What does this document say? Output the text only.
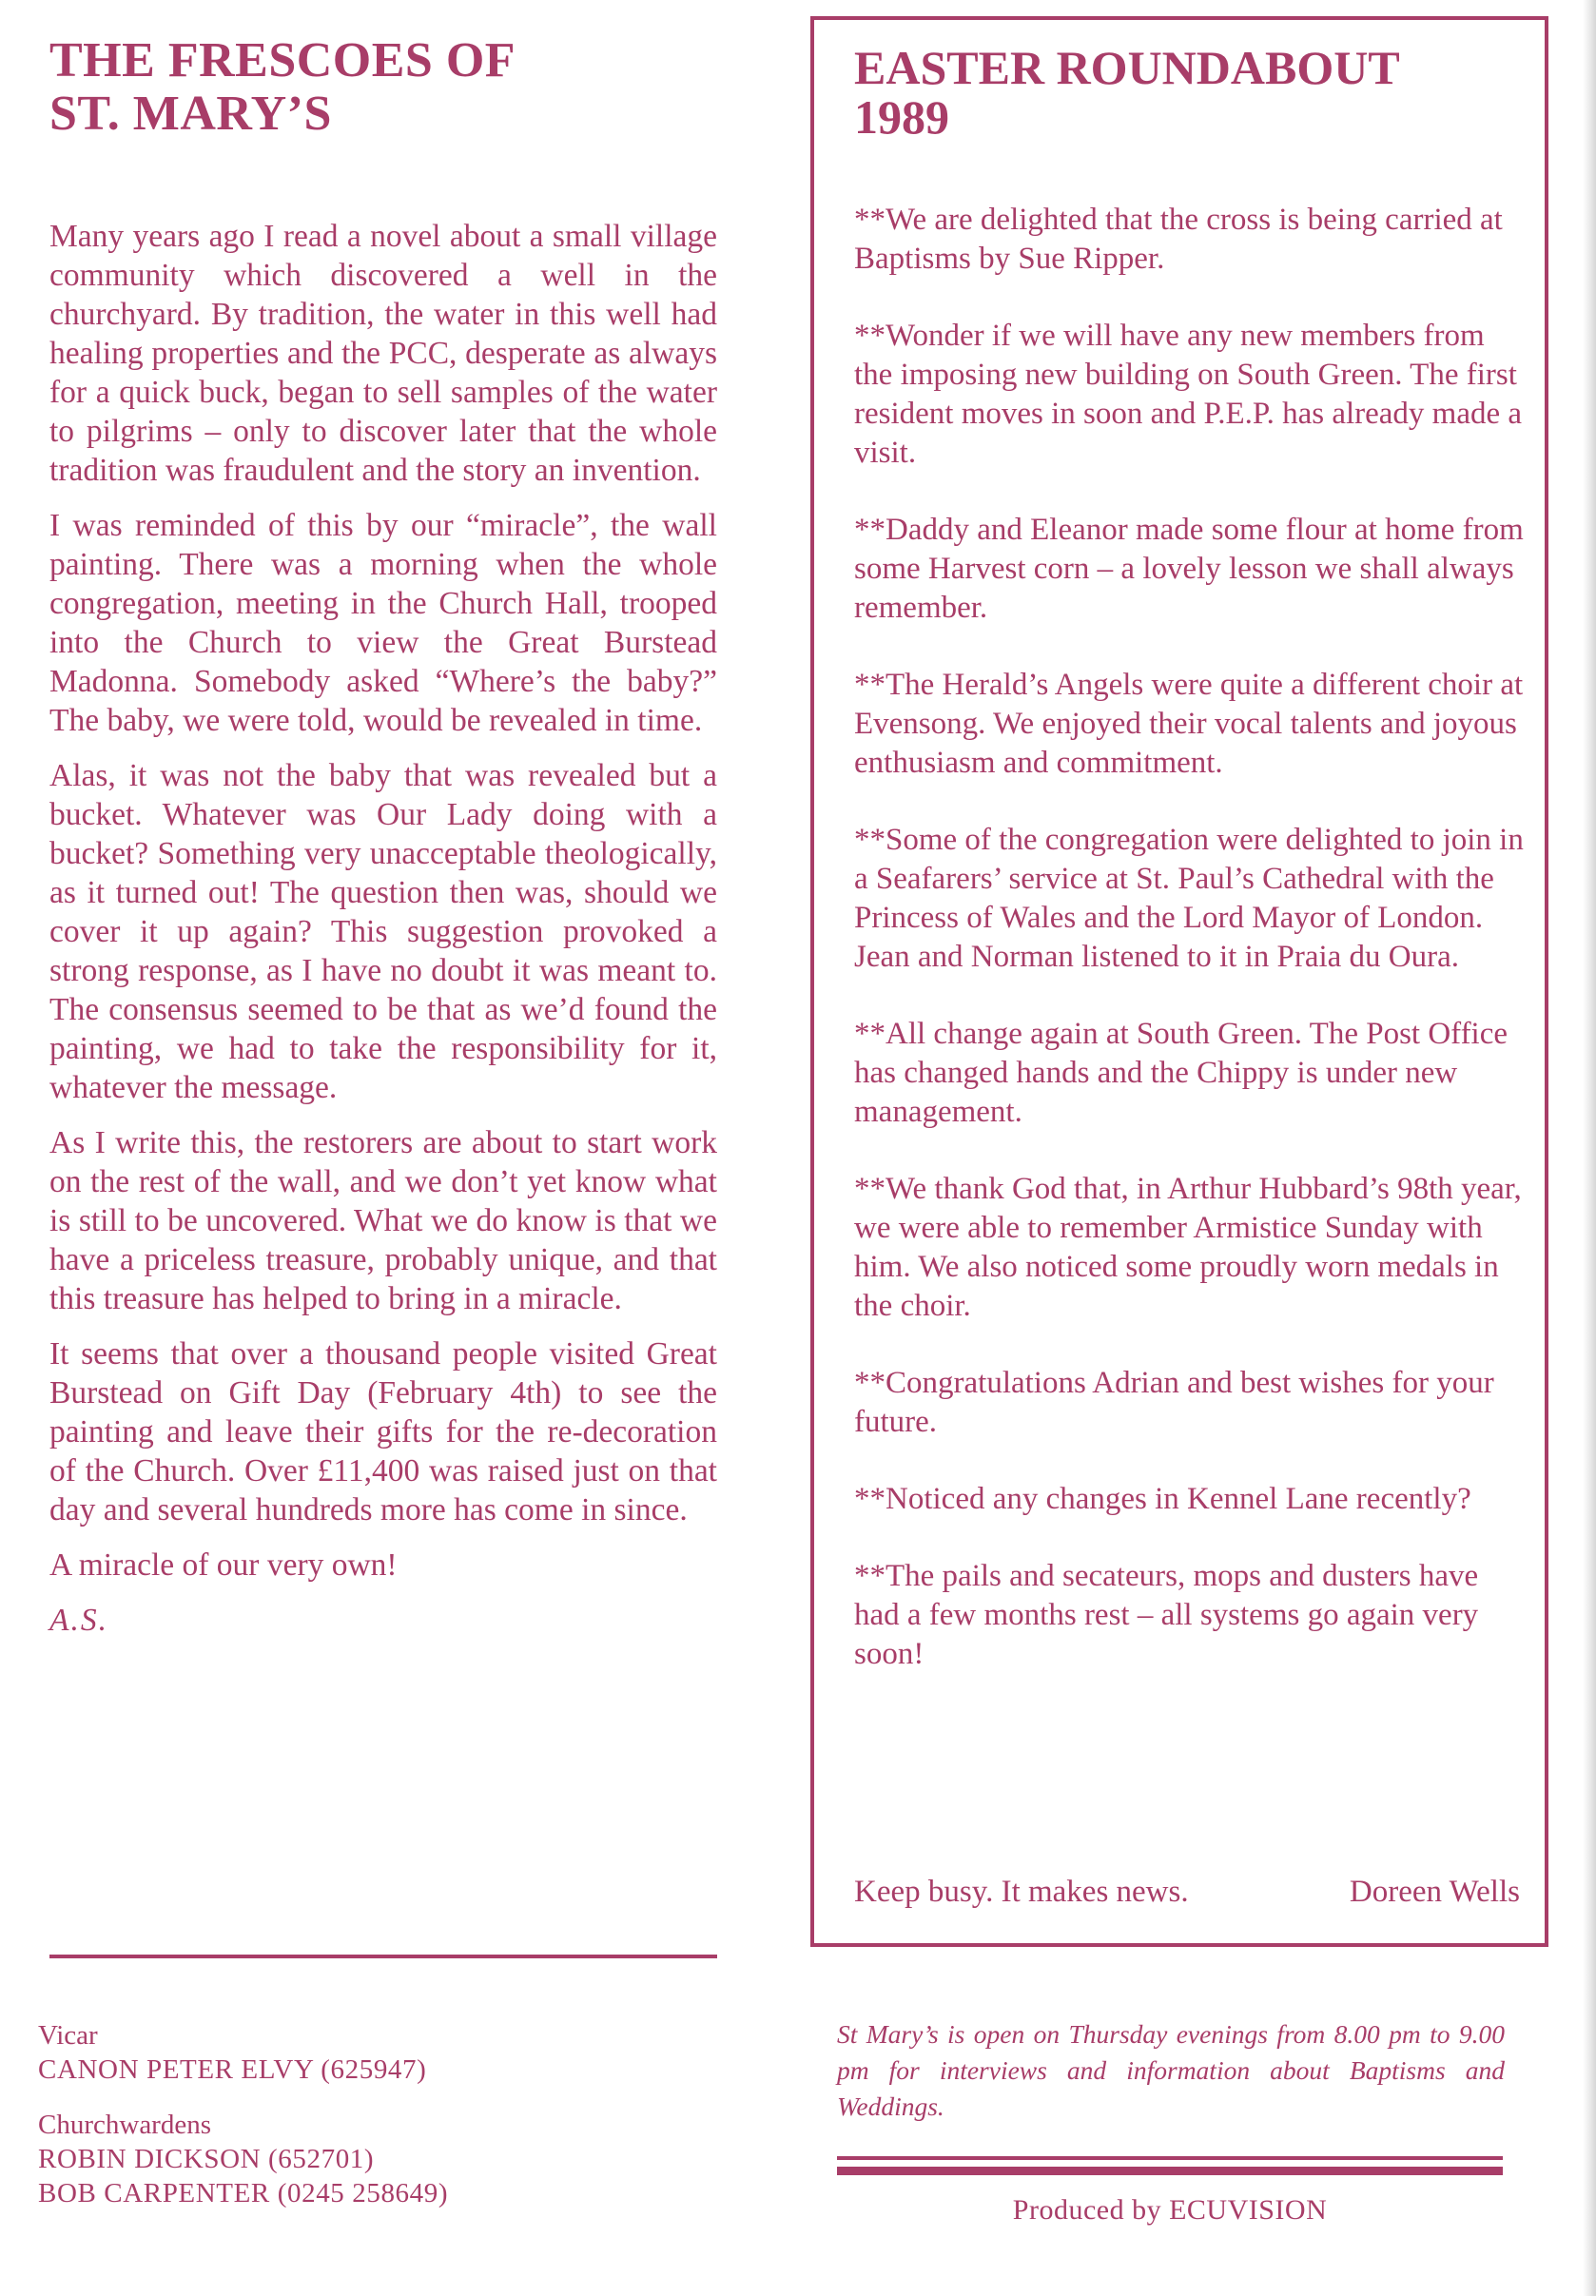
THE FRESCOES OF
ST. MARY’S

Many years ago I read a novel about a small village community which discovered a well in the churchyard. By tradition, the water in this well had healing properties and the PCC, desperate as always for a quick buck, began to sell samples of the water to pilgrims – only to discover later that the whole tradition was fraudulent and the story an invention.

I was reminded of this by our “miracle”, the wall painting. There was a morning when the whole congregation, meeting in the Church Hall, trooped into the Church to view the Great Burstead Madonna. Somebody asked “Where’s the baby?” The baby, we were told, would be revealed in time.

Alas, it was not the baby that was revealed but a bucket. Whatever was Our Lady doing with a bucket? Something very unacceptable theologically, as it turned out! The question then was, should we cover it up again? This suggestion provoked a strong response, as I have no doubt it was meant to. The consensus seemed to be that as we’d found the painting, we had to take the responsibility for it, whatever the message.

As I write this, the restorers are about to start work on the rest of the wall, and we don’t yet know what is still to be uncovered. What we do know is that we have a priceless treasure, probably unique, and that this treasure has helped to bring in a miracle.

It seems that over a thousand people visited Great Burstead on Gift Day (February 4th) to see the painting and leave their gifts for the re-decoration of the Church. Over £11,400 was raised just on that day and several hundreds more has come in since.

A miracle of our very own!

A.S.

Vicar

CANON PETER ELVY (625947)

Churchwardens

ROBIN DICKSON (652701)

BOB CARPENTER (0245 258649)

EASTER ROUNDABOUT
1989
**We are delighted that the cross is being carried at Baptisms by Sue Ripper.
**Wonder if we will have any new members from the imposing new building on South Green. The first resident moves in soon and P.E.P. has already made a visit.
**Daddy and Eleanor made some flour at home from some Harvest corn – a lovely lesson we shall always remember.
**The Herald’s Angels were quite a different choir at Evensong. We enjoyed their vocal talents and joyous enthusiasm and commitment.
**Some of the congregation were delighted to join in a Seafarers’ service at St. Paul’s Cathedral with the Princess of Wales and the Lord Mayor of London. Jean and Norman listened to it in Praia du Oura.
**All change again at South Green. The Post Office has changed hands and the Chippy is under new management.
**We thank God that, in Arthur Hubbard’s 98th year, we were able to remember Armistice Sunday with him. We also noticed some proudly worn medals in the choir.
**Congratulations Adrian and best wishes for your future.
**Noticed any changes in Kennel Lane recently?
**The pails and secateurs, mops and dusters have had a few months rest – all systems go again very soon!
Keep busy. It makes news.	Doreen Wells

St Mary’s is open on Thursday evenings from 8.00 pm to 9.00 pm for interviews and information about Baptisms and Weddings.

Produced by ECUVISION
